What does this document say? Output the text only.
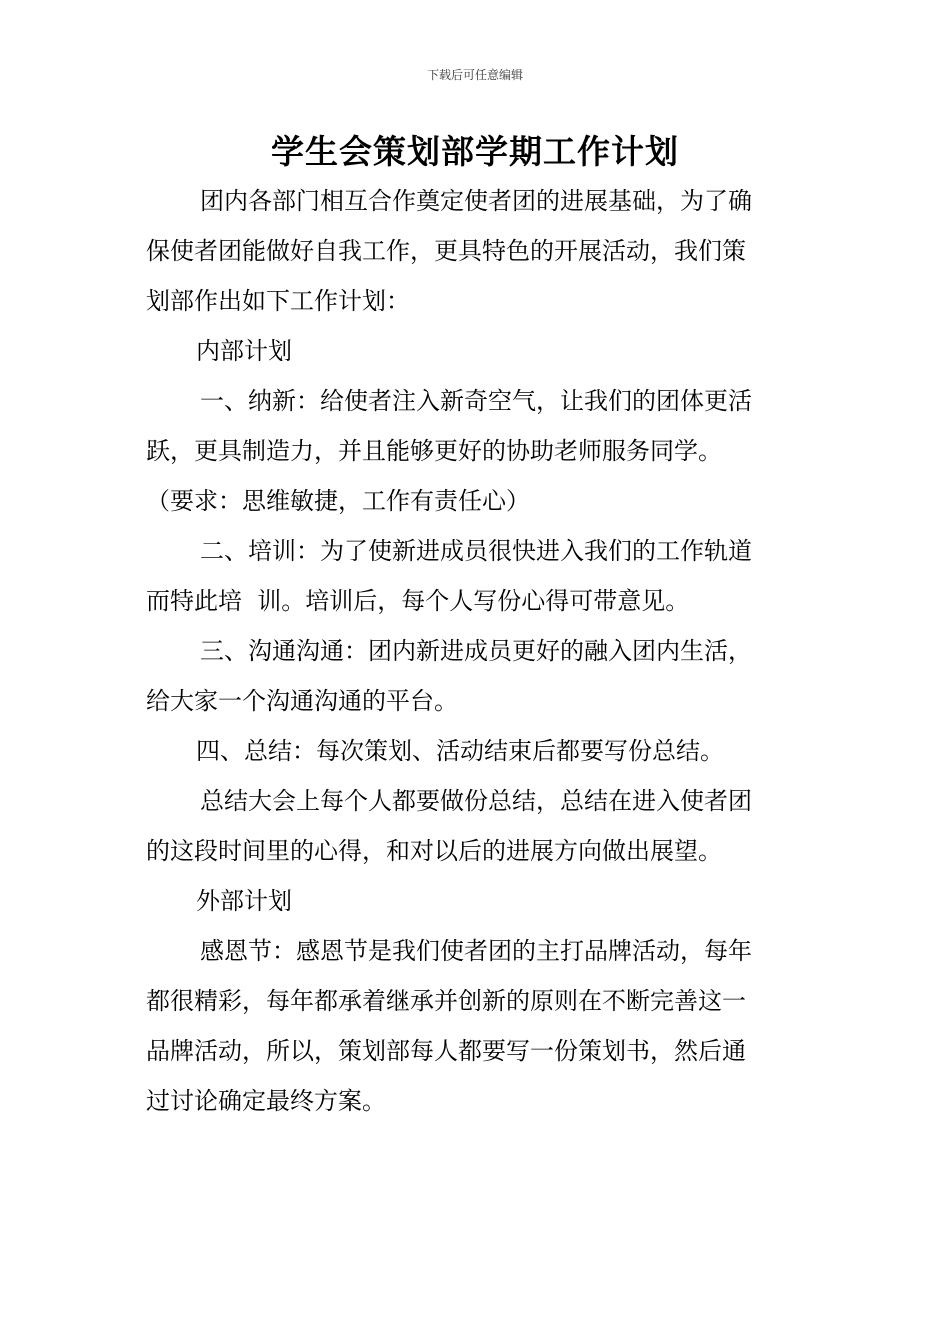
下载后可任意编辑
学生会策划部学期工作计划
团内各部门相互合作奠定使者团的进展基础，为了确
保使者团能做好自我工作，更具特色的开展活动，我们策
划部作出如下工作计划：
内部计划
一、纳新：给使者注入新奇空气，让我们的团体更活
跃，更具制造力，并且能够更好的协助老师服务同学。
（要求：思维敏捷，工作有责任心）
二、培训：为了使新进成员很快进入我们的工作轨道
而特此培  训。培训后，每个人写份心得可带意见。
三、沟通沟通：团内新进成员更好的融入团内生活，
给大家一个沟通沟通的平台。
四、总结：每次策划、活动结束后都要写份总结。
总结大会上每个人都要做份总结，总结在进入使者团
的这段时间里的心得，和对以后的进展方向做出展望。
外部计划
感恩节：感恩节是我们使者团的主打品牌活动，每年
都很精彩，每年都承着继承并创新的原则在不断完善这一
品牌活动，所以，策划部每人都要写一份策划书，然后通
过讨论确定最终方案。
